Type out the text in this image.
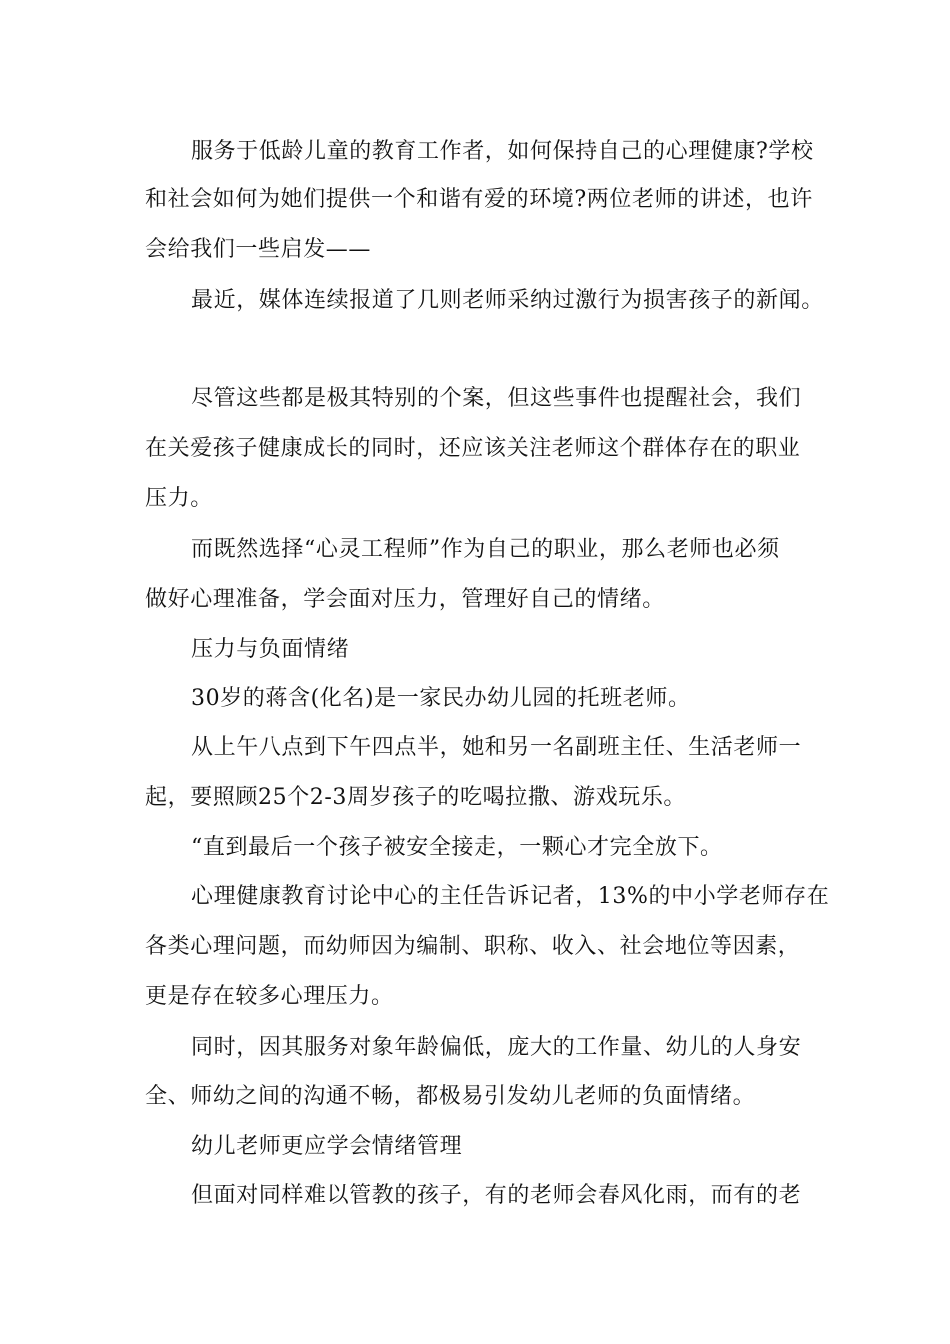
服务于低龄儿童的教育工作者，如何保持自己的心理健康?学校
和社会如何为她们提供一个和谐有爱的环境?两位老师的讲述，也许
会给我们一些启发——
最近，媒体连续报道了几则老师采纳过激行为损害孩子的新闻。
尽管这些都是极其特别的个案，但这些事件也提醒社会，我们
在关爱孩子健康成长的同时，还应该关注老师这个群体存在的职业
压力。
而既然选择“心灵工程师”作为自己的职业，那么老师也必须
做好心理准备，学会面对压力，管理好自己的情绪。
压力与负面情绪
30岁的蒋含(化名)是一家民办幼儿园的托班老师。
从上午八点到下午四点半，她和另一名副班主任、生活老师一
起，要照顾25个2-3周岁孩子的吃喝拉撒、游戏玩乐。
“直到最后一个孩子被安全接走，一颗心才完全放下。
心理健康教育讨论中心的主任告诉记者，13%的中小学老师存在
各类心理问题，而幼师因为编制、职称、收入、社会地位等因素，
更是存在较多心理压力。
同时，因其服务对象年龄偏低，庞大的工作量、幼儿的人身安
全、师幼之间的沟通不畅，都极易引发幼儿老师的负面情绪。
幼儿老师更应学会情绪管理
但面对同样难以管教的孩子，有的老师会春风化雨，而有的老
